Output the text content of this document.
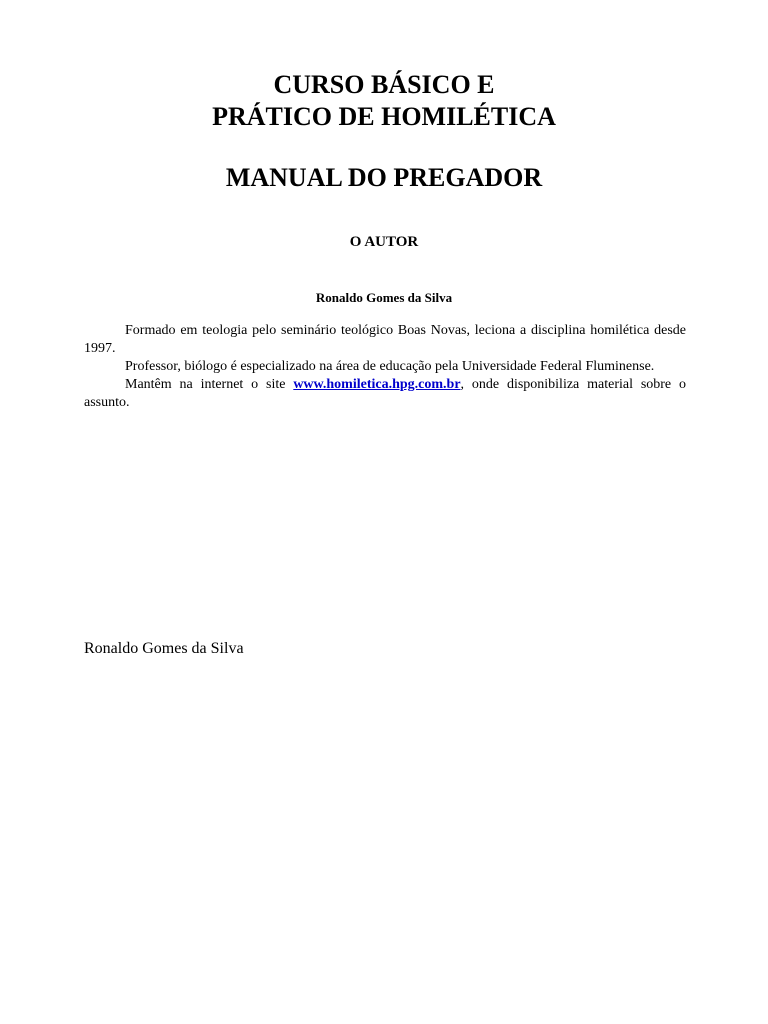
CURSO BÁSICO E
PRÁTICO DE HOMILÉTICA
MANUAL DO PREGADOR
O AUTOR
Ronaldo Gomes da Silva

Formado em teologia pelo seminário teológico Boas Novas, leciona a disciplina homilética desde 1997.

Professor, biólogo é especializado na área de educação pela Universidade Federal Fluminense.

Mantêm na internet o site www.homiletica.hpg.com.br, onde disponibiliza material sobre o assunto.

Ronaldo Gomes da Silva
